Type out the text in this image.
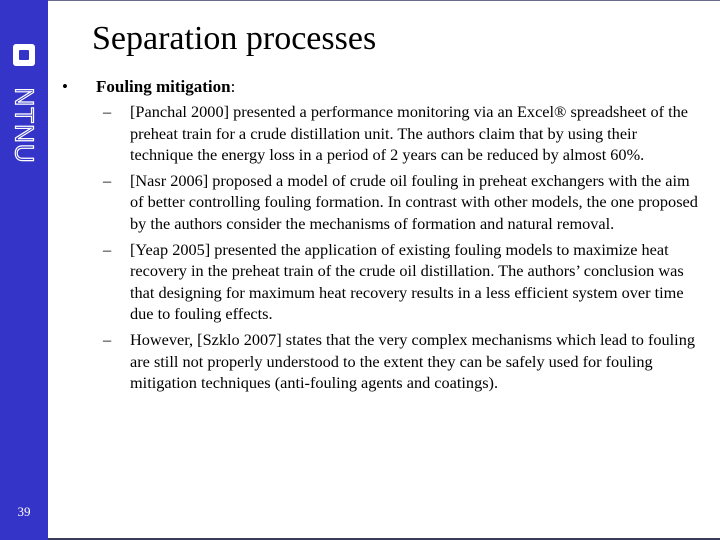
NTNU
39
Separation processes
• Fouling mitigation:
– [Panchal 2000] presented a performance monitoring via an Excel® spreadsheet of the preheat train for a crude distillation unit. The authors claim that by using their technique the energy loss in a period of 2 years can be reduced by almost 60%.
– [Nasr 2006] proposed a model of crude oil fouling in preheat exchangers with the aim of better controlling fouling formation. In contrast with other models, the one proposed by the authors consider the mechanisms of formation and natural removal.
– [Yeap 2005] presented the application of existing fouling models to maximize heat recovery in the preheat train of the crude oil distillation. The authors’ conclusion was that designing for maximum heat recovery results in a less efficient system over time due to fouling effects.
– However, [Szklo 2007] states that the very complex mechanisms which lead to fouling are still not properly understood to the extent they can be safely used for fouling mitigation techniques (anti-fouling agents and coatings).
